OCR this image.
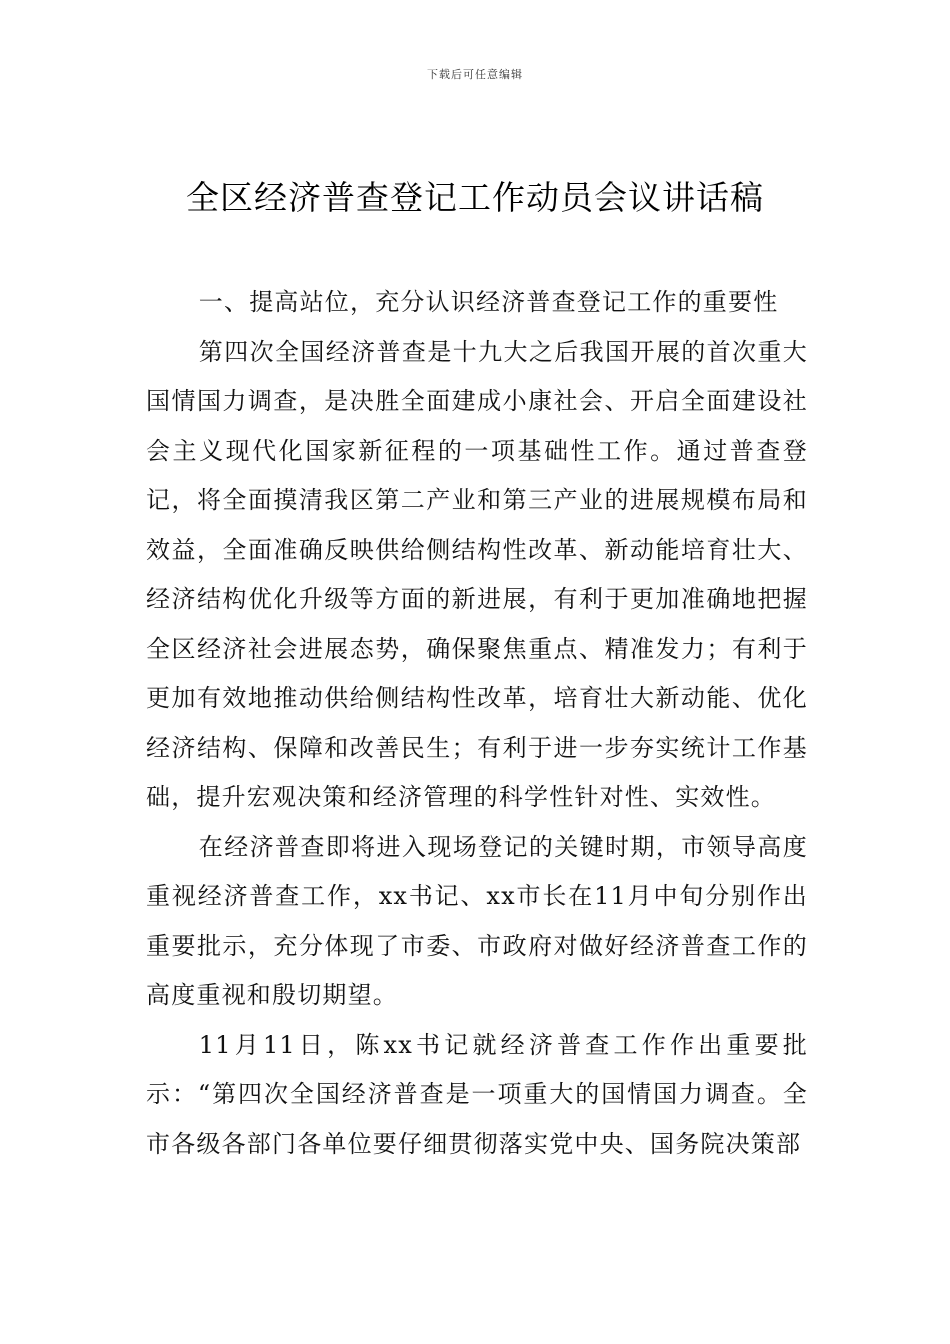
下载后可任意编辑
全区经济普查登记工作动员会议讲话稿

一、提高站位，充分认识经济普查登记工作的重要性

第四次全国经济普查是十九大之后我国开展的首次重大国情国力调查，是决胜全面建成小康社会、开启全面建设社会主义现代化国家新征程的一项基础性工作。通过普查登记，将全面摸清我区第二产业和第三产业的进展规模布局和效益，全面准确反映供给侧结构性改革、新动能培育壮大、经济结构优化升级等方面的新进展，有利于更加准确地把握全区经济社会进展态势，确保聚焦重点、精准发力；有利于更加有效地推动供给侧结构性改革，培育壮大新动能、优化经济结构、保障和改善民生；有利于进一步夯实统计工作基础，提升宏观决策和经济管理的科学性针对性、实效性。

在经济普查即将进入现场登记的关键时期，市领导高度重视经济普查工作，xx书记、xx市长在11月中旬分别作出重要批示，充分体现了市委、市政府对做好经济普查工作的高度重视和殷切期望。

11月11日，陈xx书记就经济普查工作作出重要批示：“第四次全国经济普查是一项重大的国情国力调查。全市各级各部门各单位要仔细贯彻落实党中央、国务院决策部
